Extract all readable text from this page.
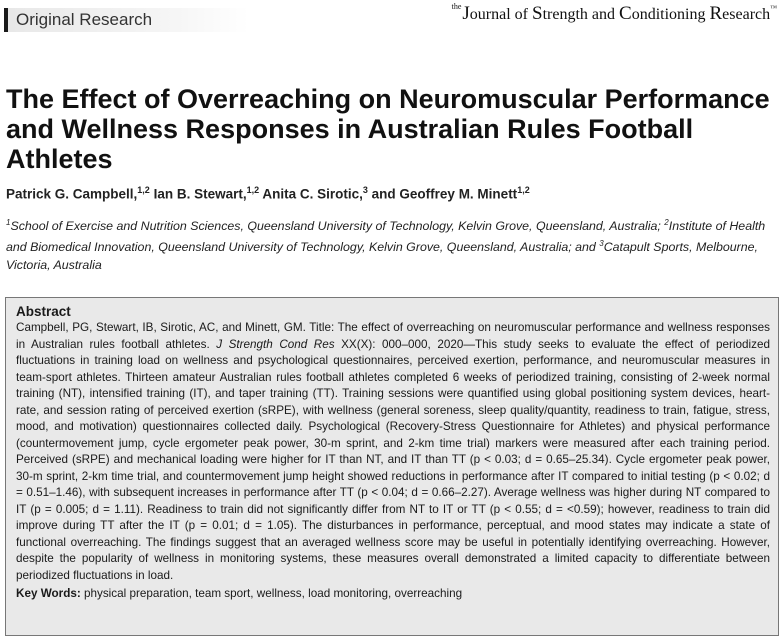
Original Research
$^{the}$Journal of Strength and Conditioning Research™
The Effect of Overreaching on Neuromuscular Performance and Wellness Responses in Australian Rules Football Athletes
Patrick G. Campbell,$^{1,2}$ Ian B. Stewart,$^{1,2}$ Anita C. Sirotic,$^3$ and Geoffrey M. Minett$^{1,2}$
$^1$School of Exercise and Nutrition Sciences, Queensland University of Technology, Kelvin Grove, Queensland, Australia; $^2$Institute of Health and Biomedical Innovation, Queensland University of Technology, Kelvin Grove, Queensland, Australia; and $^3$Catapult Sports, Melbourne, Victoria, Australia
Abstract

Campbell, PG, Stewart, IB, Sirotic, AC, and Minett, GM. Title: The effect of overreaching on neuromuscular performance and wellness responses in Australian rules football athletes. J Strength Cond Res XX(X): 000–000, 2020—This study seeks to evaluate the effect of periodized fluctuations in training load on wellness and psychological questionnaires, perceived exertion, performance, and neuromuscular measures in team-sport athletes. Thirteen amateur Australian rules football athletes completed 6 weeks of periodized training, consisting of 2-week normal training (NT), intensified training (IT), and taper training (TT). Training sessions were quantified using global positioning system devices, heart-rate, and session rating of perceived exertion (sRPE), with wellness (general soreness, sleep quality/quantity, readiness to train, fatigue, stress, mood, and motivation) questionnaires collected daily. Psychological (Recovery-Stress Questionnaire for Athletes) and physical performance (countermovement jump, cycle ergometer peak power, 30-m sprint, and 2-km time trial) markers were measured after each training period. Perceived (sRPE) and mechanical loading were higher for IT than NT, and IT than TT (p < 0.03; d = 0.65–25.34). Cycle ergometer peak power, 30-m sprint, 2-km time trial, and countermovement jump height showed reductions in performance after IT compared to initial testing (p < 0.02; d = 0.51–1.46), with subsequent increases in performance after TT (p < 0.04; d = 0.66–2.27). Average wellness was higher during NT compared to IT (p = 0.005; d = 1.11). Readiness to train did not significantly differ from NT to IT or TT (p < 0.55; d = <0.59); however, readiness to train did improve during TT after the IT (p = 0.01; d = 1.05). The disturbances in performance, perceptual, and mood states may indicate a state of functional overreaching. The findings suggest that an averaged wellness score may be useful in potentially identifying overreaching. However, despite the popularity of wellness in monitoring systems, these measures overall demonstrated a limited capacity to differentiate between periodized fluctuations in load.

Key Words: physical preparation, team sport, wellness, load monitoring, overreaching
